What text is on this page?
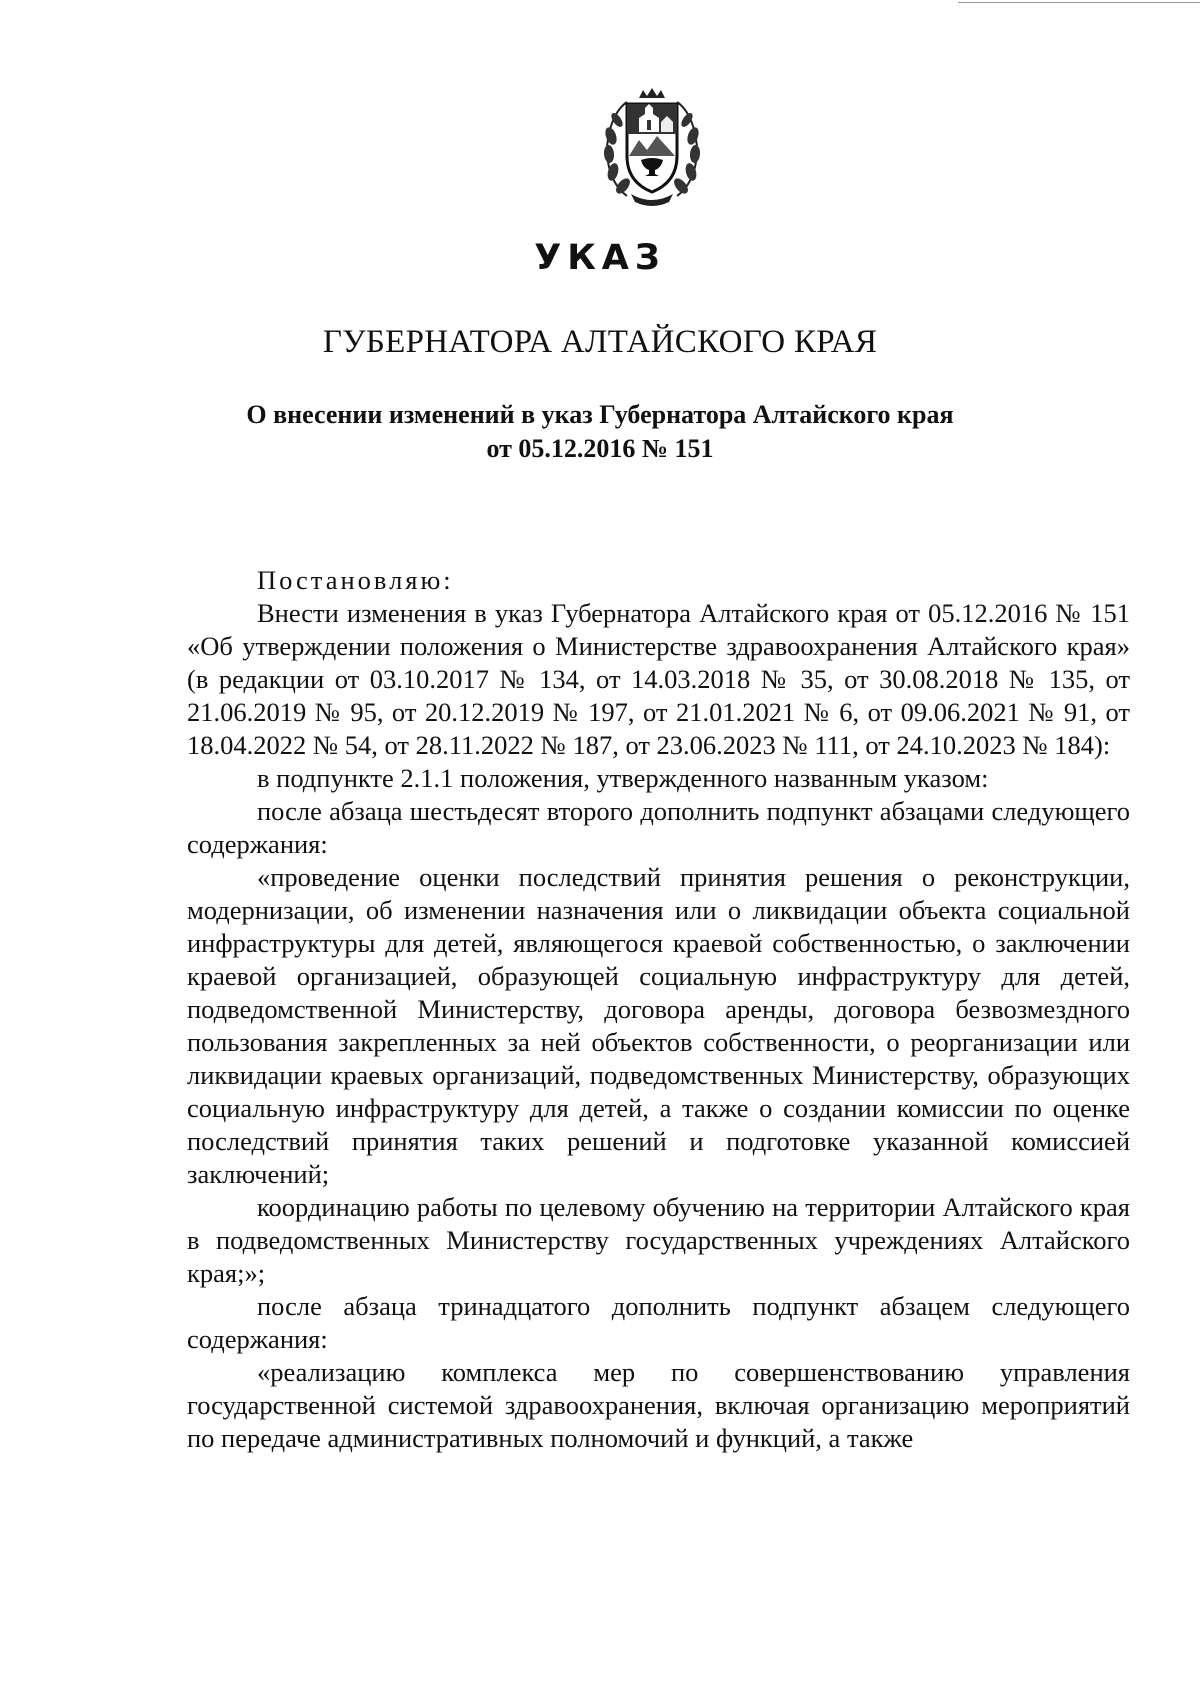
УКАЗ
ГУБЕРНАТОРА АЛТАЙСКОГО КРАЯ
О внесении изменений в указ Губернатора Алтайского края
от 05.12.2016 № 151

Постановляю:

Внести изменения в указ Губернатора Алтайского края от 05.12.2016 № 151 «Об утверждении положения о Министерстве здравоохранения Алтайского края» (в редакции от 03.10.2017 № 134, от 14.03.2018 № 35, от 30.08.2018 № 135, от 21.06.2019 № 95, от 20.12.2019 № 197, от 21.01.2021 № 6, от 09.06.2021 № 91, от 18.04.2022 № 54, от 28.11.2022 № 187, от 23.06.2023 № 111, от 24.10.2023 № 184):

в подпункте 2.1.1 положения, утвержденного названным указом:

после абзаца шестьдесят второго дополнить подпункт абзацами следующего содержания:

«проведение оценки последствий принятия решения о реконструкции, модернизации, об изменении назначения или о ликвидации объекта социальной инфраструктуры для детей, являющегося краевой собственностью, о заключении краевой организацией, образующей социальную инфраструктуру для детей, подведомственной Министерству, договора аренды, договора безвозмездного пользования закрепленных за ней объектов собственности, о реорганизации или ликвидации краевых организаций, подведомственных Министерству, образующих социальную инфраструктуру для детей, а также о создании комиссии по оценке последствий принятия таких решений и подготовке указанной комиссией заключений;

координацию работы по целевому обучению на территории Алтайского края в подведомственных Министерству государственных учреждениях Алтайского края;»;

после абзаца тринадцатого дополнить подпункт абзацем следующего содержания:

«реализацию комплекса мер по совершенствованию управления государственной системой здравоохранения, включая организацию мероприятий по передаче административных полномочий и функций, а также
